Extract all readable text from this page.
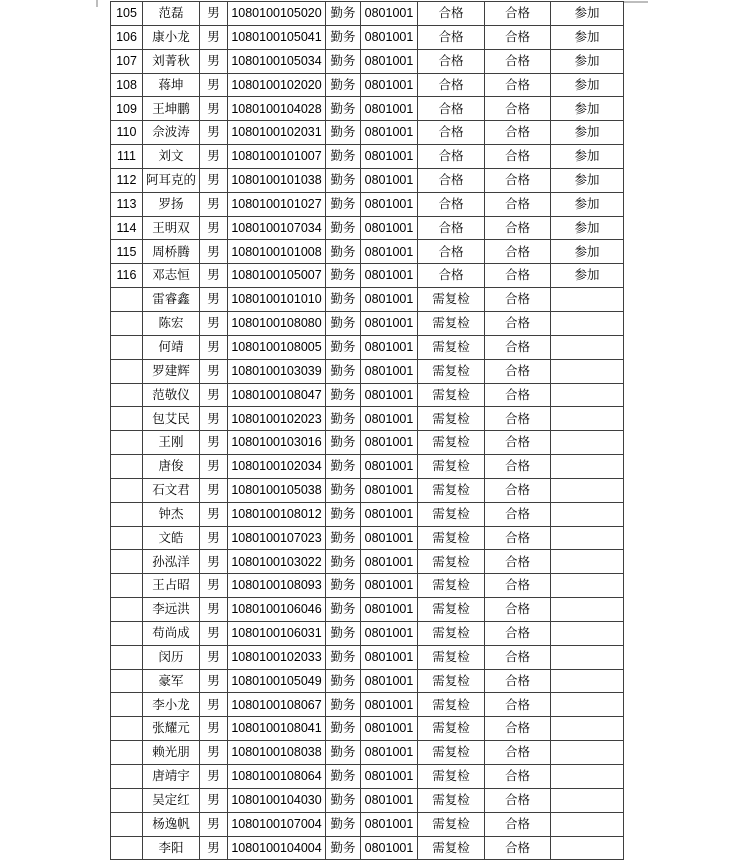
105	范磊	男	1080100105020	勤务	0801001	合格	合格	参加
106	康小龙	男	1080100105041	勤务	0801001	合格	合格	参加
107	刘菁秋	男	1080100105034	勤务	0801001	合格	合格	参加
108	蒋坤	男	1080100102020	勤务	0801001	合格	合格	参加
109	王坤鹏	男	1080100104028	勤务	0801001	合格	合格	参加
110	佘波涛	男	1080100102031	勤务	0801001	合格	合格	参加
111	刘文	男	1080100101007	勤务	0801001	合格	合格	参加
112	阿耳克的	男	1080100101038	勤务	0801001	合格	合格	参加
113	罗扬	男	1080100101027	勤务	0801001	合格	合格	参加
114	王明双	男	1080100107034	勤务	0801001	合格	合格	参加
115	周桥腾	男	1080100101008	勤务	0801001	合格	合格	参加
116	邓志恒	男	1080100105007	勤务	0801001	合格	合格	参加
	雷睿鑫	男	1080100101010	勤务	0801001	需复检	合格	
	陈宏	男	1080100108080	勤务	0801001	需复检	合格	
	何靖	男	1080100108005	勤务	0801001	需复检	合格	
	罗建辉	男	1080100103039	勤务	0801001	需复检	合格	
	范敬仪	男	1080100108047	勤务	0801001	需复检	合格	
	包艾民	男	1080100102023	勤务	0801001	需复检	合格	
	王刚	男	1080100103016	勤务	0801001	需复检	合格	
	唐俊	男	1080100102034	勤务	0801001	需复检	合格	
	石文君	男	1080100105038	勤务	0801001	需复检	合格	
	钟杰	男	1080100108012	勤务	0801001	需复检	合格	
	文皓	男	1080100107023	勤务	0801001	需复检	合格	
	孙泓洋	男	1080100103022	勤务	0801001	需复检	合格	
	王占昭	男	1080100108093	勤务	0801001	需复检	合格	
	李远洪	男	1080100106046	勤务	0801001	需复检	合格	
	苟尚成	男	1080100106031	勤务	0801001	需复检	合格	
	闵历	男	1080100102033	勤务	0801001	需复检	合格	
	豪军	男	1080100105049	勤务	0801001	需复检	合格	
	李小龙	男	1080100108067	勤务	0801001	需复检	合格	
	张耀元	男	1080100108041	勤务	0801001	需复检	合格	
	赖光朋	男	1080100108038	勤务	0801001	需复检	合格	
	唐靖宇	男	1080100108064	勤务	0801001	需复检	合格	
	吴定红	男	1080100104030	勤务	0801001	需复检	合格	
	杨逸帆	男	1080100107004	勤务	0801001	需复检	合格	
	李阳	男	1080100104004	勤务	0801001	需复检	合格	
